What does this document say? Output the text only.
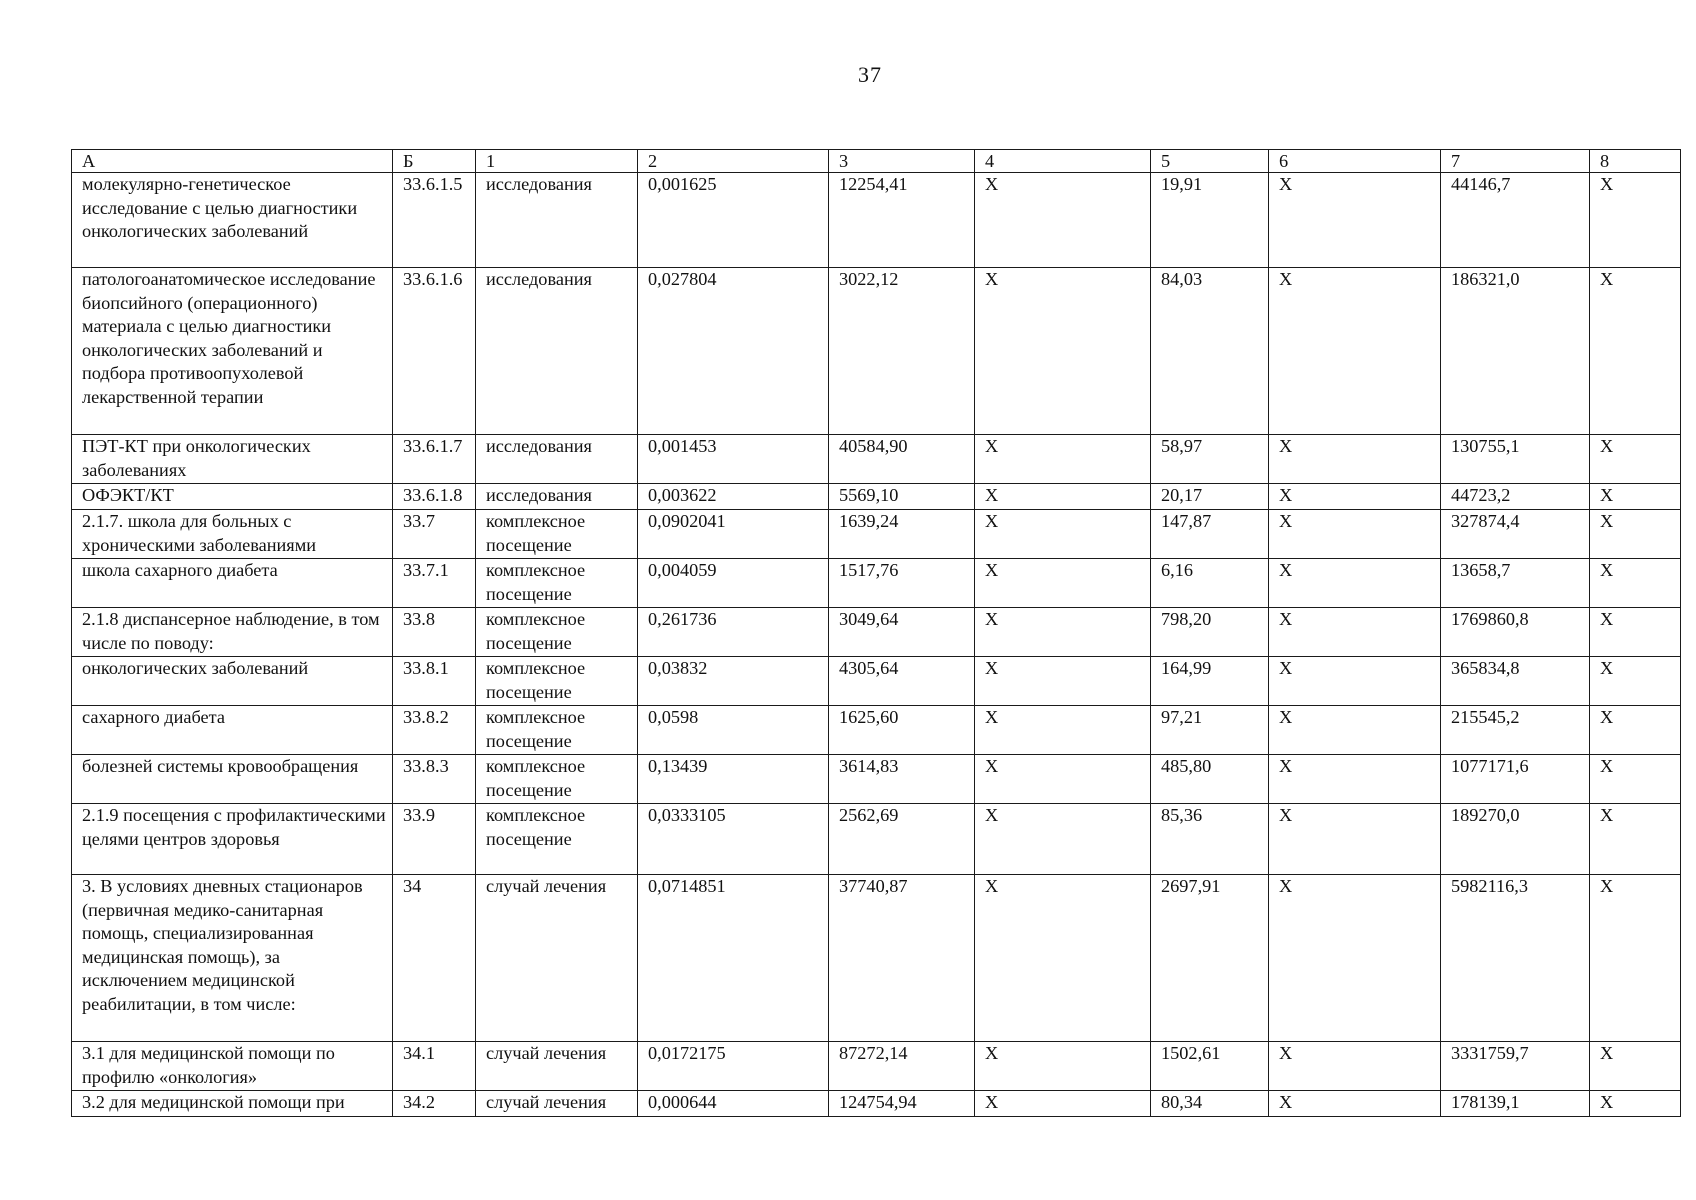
37
А	Б	1	2	3	4	5	6	7	8
молекулярно-генетическое исследование с целью диагностики онкологических заболеваний	33.6.1.5	исследования	0,001625	12254,41	Х	19,91	Х	44146,7	Х
патологоанатомическое исследование биопсийного (операционного) материала с целью диагностики онкологических заболеваний и подбора противоопухолевой лекарственной терапии	33.6.1.6	исследования	0,027804	3022,12	Х	84,03	Х	186321,0	Х
ПЭТ-КТ при онкологических заболеваниях	33.6.1.7	исследования	0,001453	40584,90	Х	58,97	Х	130755,1	Х
ОФЭКТ/КТ	33.6.1.8	исследования	0,003622	5569,10	Х	20,17	Х	44723,2	Х
2.1.7. школа для больных с хроническими заболеваниями	33.7	комплексное посещение	0,0902041	1639,24	Х	147,87	Х	327874,4	Х
школа сахарного диабета	33.7.1	комплексное посещение	0,004059	1517,76	Х	6,16	Х	13658,7	Х
2.1.8 диспансерное наблюдение, в том числе по поводу:	33.8	комплексное посещение	0,261736	3049,64	Х	798,20	Х	1769860,8	Х
онкологических заболеваний	33.8.1	комплексное посещение	0,03832	4305,64	Х	164,99	Х	365834,8	Х
сахарного диабета	33.8.2	комплексное посещение	0,0598	1625,60	Х	97,21	Х	215545,2	Х
болезней системы кровообращения	33.8.3	комплексное посещение	0,13439	3614,83	Х	485,80	Х	1077171,6	Х
2.1.9 посещения с профилактическими целями центров здоровья	33.9	комплексное посещение	0,0333105	2562,69	Х	85,36	Х	189270,0	Х
3. В условиях дневных стационаров (первичная медико-санитарная помощь, специализированная медицинская помощь), за исключением медицинской реабилитации, в том числе:	34	случай лечения	0,0714851	37740,87	Х	2697,91	Х	5982116,3	Х
3.1 для медицинской помощи по профилю «онкология»	34.1	случай лечения	0,0172175	87272,14	Х	1502,61	Х	3331759,7	Х
3.2 для медицинской помощи при	34.2	случай лечения	0,000644	124754,94	Х	80,34	Х	178139,1	Х
